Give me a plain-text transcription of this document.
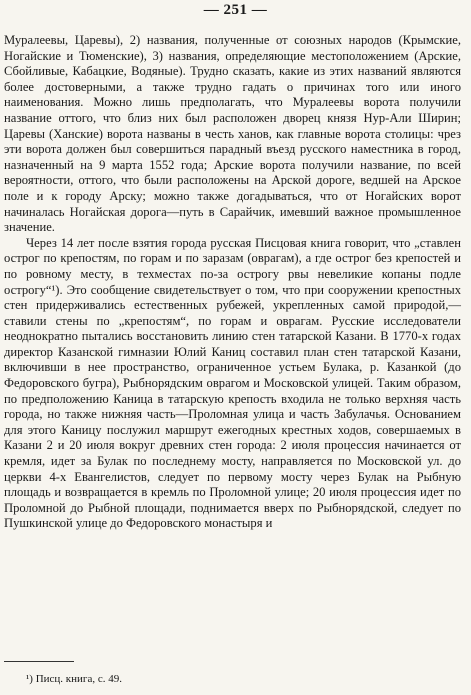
— 251 —

Муралеевы, Царевы), 2) названия, полученные от союзных народов (Крымские, Ногайские и Тюменские), 3) названия, определяющие местоположением (Арские, Сбойливые, Кабацкие, Водяные). Трудно сказать, какие из этих названий являются более достоверными, а также трудно гадать о причинах того или иного наименования. Можно лишь предполагать, что Муралеевы ворота получили название оттого, что близ них был расположен дворец князя Нур-Али Ширин; Царевы (Ханские) ворота названы в честь ханов, как главные ворота столицы: чрез эти ворота должен был совершиться парадный въезд русского наместника в город, назначенный на 9 марта 1552 года; Арские ворота получили название, по всей вероятности, оттого, что были расположены на Арской дороге, ведшей на Арское поле и к городу Арску; можно также догадываться, что от Ногайских ворот начиналась Ногайская дорога—путь в Сарайчик, имевший важное промышленное значение.

Через 14 лет после взятия города русская Писцовая книга говорит, что „ставлен острог по крепостям, по горам и по заразам (оврагам), а где острог без крепостей и по ровному месту, в техместах по-за острогу рвы невеликие копаны подле острогу“¹). Это сообщение свидетельствует о том, что при сооружении крепостных стен придерживались естественных рубежей, укрепленных самой природой,—ставили стены по „крепостям“, по горам и оврагам. Русские исследователи неоднократно пытались восстановить линию стен татарской Казани. В 1770-х годах директор Казанской гимназии Юлий Каниц составил план стен татарской Казани, включивши в нее пространство, ограниченное устьем Булака, р. Казанкой (до Федоровского бугра), Рыбнорядским оврагом и Московской улицей. Таким образом, по предположению Каница в татарскую крепость входила не только верхняя часть города, но также нижняя часть—Проломная улица и часть Забулачья. Основанием для этого Каницу послужил маршрут ежегодных крестных ходов, совершаемых в Казани 2 и 20 июля вокруг древних стен города: 2 июля процессия начинается от кремля, идет за Булак по последнему мосту, направляется по Московской ул. до церкви 4-х Евангелистов, следует по первому мосту через Булак на Рыбную площадь и возвращается в кремль по Проломной улице; 20 июля процессия идет по Проломной до Рыбной площади, поднимается вверх по Рыбнорядской, следует по Пушкинской улице до Федоровского монастыря и

¹) Писц. книга, с. 49.
